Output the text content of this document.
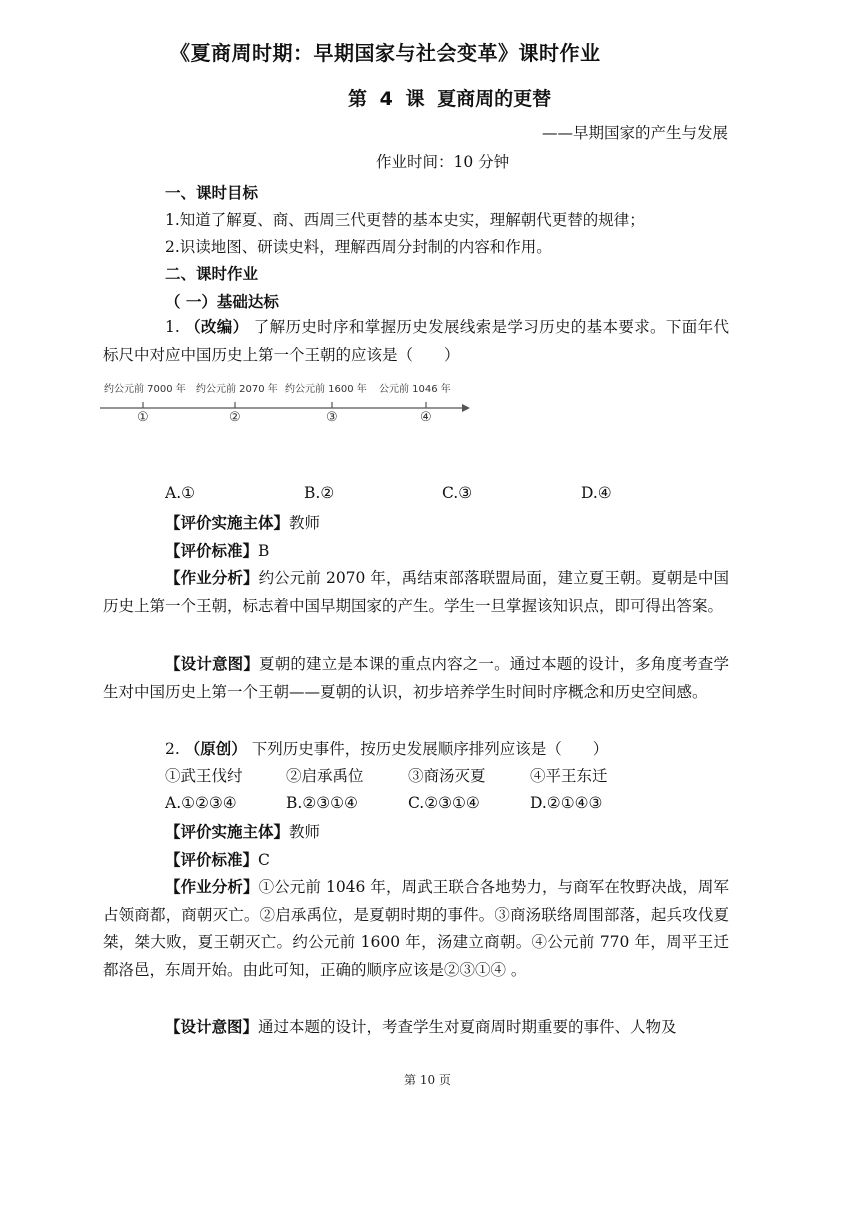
《夏商周时期：早期国家与社会变革》课时作业
第 4 课 夏商周的更替
——早期国家的产生与发展
作业时间：10 分钟
一、课时目标
1.知道了解夏、商、西周三代更替的基本史实，理解朝代更替的规律；
2.识读地图、研读史料，理解西周分封制的内容和作用。
二、课时作业
（ 一）基础达标
1. （改编） 了解历史时序和掌握历史发展线索是学习历史的基本要求。下面年代标尺中对应中国历史上第一个王朝的应该是（　　）
约公元前 7000 年 约公元前 2070 年 约公元前 1600 年 公元前 1046 年
①	②	③	④
A.①	B.②	C.③	D.④
【评价实施主体】教师
【评价标准】B
【作业分析】约公元前 2070 年，禹结束部落联盟局面，建立夏王朝。夏朝是中国历史上第一个王朝，标志着中国早期国家的产生。学生一旦掌握该知识点，即可得出答案。
【设计意图】夏朝的建立是本课的重点内容之一。通过本题的设计，多角度考查学生对中国历史上第一个王朝——夏朝的认识，初步培养学生时间时序概念和历史空间感。
2. （原创） 下列历史事件，按历史发展顺序排列应该是（　　）
①武王伐纣	②启承禹位	③商汤灭夏	④平王东迁
A.①②③④	B.②③①④	C.②③①④	D.②①④③
【评价实施主体】教师
【评价标准】C
【作业分析】①公元前 1046 年，周武王联合各地势力，与商军在牧野决战，周军占领商都，商朝灭亡。②启承禹位，是夏朝时期的事件。③商汤联络周围部落，起兵攻伐夏桀，桀大败，夏王朝灭亡。约公元前 1600 年，汤建立商朝。④公元前 770 年，周平王迁都洛邑，东周开始。由此可知，正确的顺序应该是②③①④ 。
【设计意图】通过本题的设计，考查学生对夏商周时期重要的事件、人物及
第 10 页
